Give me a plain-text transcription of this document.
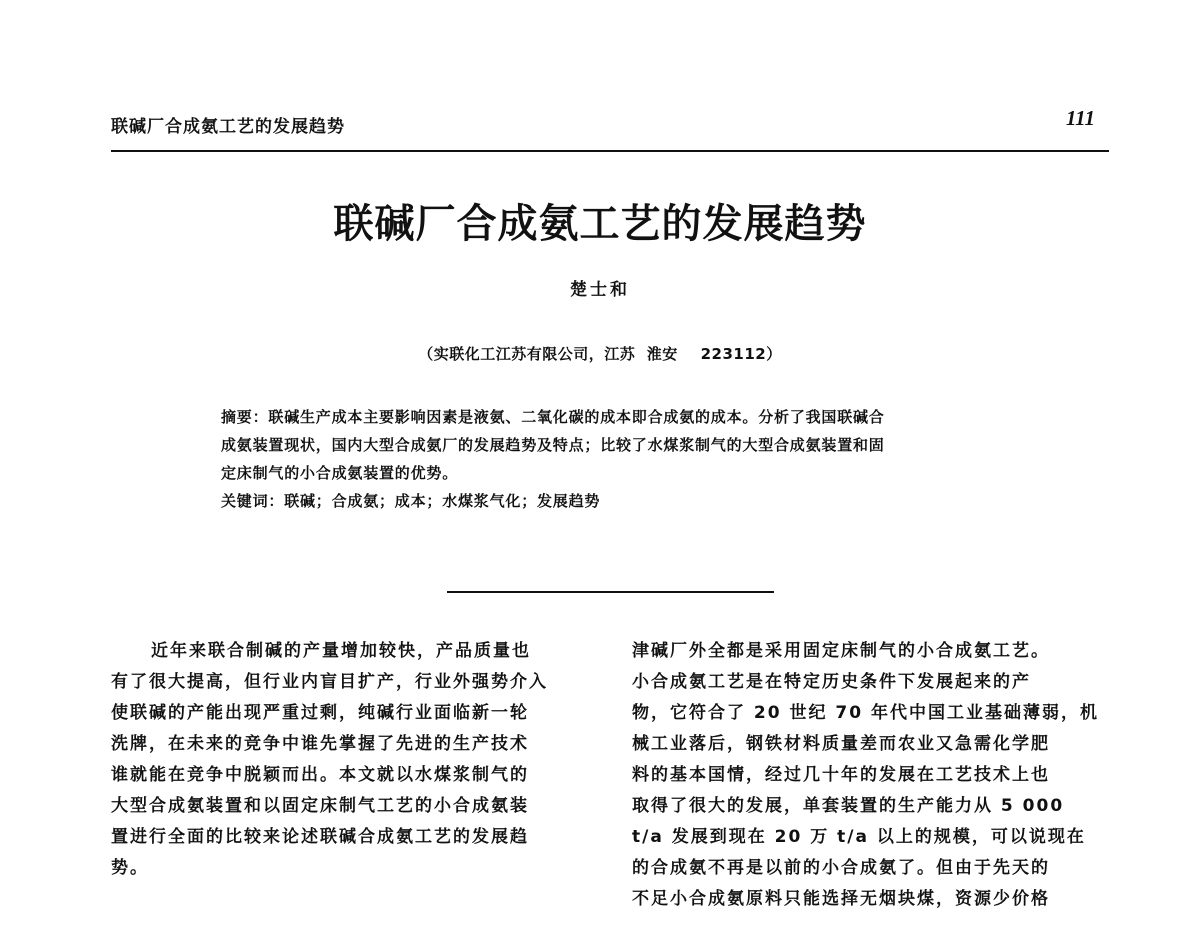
联碱厂合成氨工艺的发展趋势	111
联碱厂合成氨工艺的发展趋势
楚士和
（实联化工江苏有限公司，江苏  淮安    223112）

摘要：联碱生产成本主要影响因素是液氨、二氧化碳的成本即合成氨的成本。分析了我国联碱合
成氨装置现状，国内大型合成氨厂的发展趋势及特点；比较了水煤浆制气的大型合成氨装置和固
定床制气的小合成氨装置的优势。

关键词：联碱；合成氨；成本；水煤浆气化；发展趋势

近年来联合制碱的产量增加较快，产品质量也
有了很大提高，但行业内盲目扩产，行业外强势介入
使联碱的产能出现严重过剩，纯碱行业面临新一轮
洗牌，在未来的竞争中谁先掌握了先进的生产技术
谁就能在竞争中脱颖而出。本文就以水煤浆制气的
大型合成氨装置和以固定床制气工艺的小合成氨装
置进行全面的比较来论述联碱合成氨工艺的发展趋
势。
津碱厂外全都是采用固定床制气的小合成氨工艺。
小合成氨工艺是在特定历史条件下发展起来的产
物，它符合了 20 世纪 70 年代中国工业基础薄弱，机
械工业落后，钢铁材料质量差而农业又急需化学肥
料的基本国情，经过几十年的发展在工艺技术上也
取得了很大的发展，单套装置的生产能力从 5 000
t/a 发展到现在 20 万 t/a 以上的规模，可以说现在
的合成氨不再是以前的小合成氨了。但由于先天的
不足小合成氨原料只能选择无烟块煤，资源少价格
